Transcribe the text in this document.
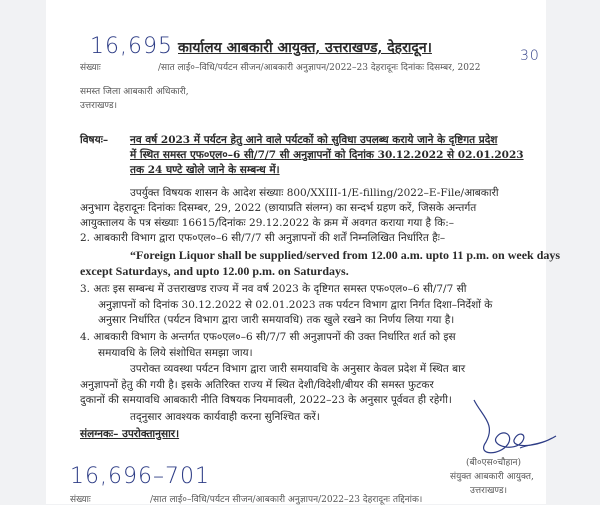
16,695 कार्यालय आबकारी आयुक्त, उत्तराखण्ड, देहरादून।	30
संख्याः	/सात लाई०–विधि/पर्यटन सीजन/आबकारी अनुज्ञापन/2022–23 देहरादूनः दिनांकः दिसम्बर, 2022
समस्त जिला आबकारी अधिकारी,
उत्तराखण्ड।
विषयः– नव वर्ष 2023 में पर्यटन हेतु आने वाले पर्यटकों को सुविधा उपलब्ध कराये जाने के दृष्टिगत प्रदेश
में स्थित समस्त एफ०एल०–6 सी/7/7 सी अनुज्ञापनों को दिनांक 30.12.2022 से 02.01.2023
तक 24 घण्टे खोले जाने के सम्बन्ध में।
उपर्युक्त विषयक शासन के आदेश संख्याः 800/XXIII-1/E-filling/2022–E-File/आबकारी
अनुभाग देहरादूनः दिनांकः दिसम्बर, 29, 2022 (छायाप्रति संलग्न) का सन्दर्भ ग्रहण करें, जिसके अन्तर्गत
आयुक्तालय के पत्र संख्याः 16615/दिनांकः 29.12.2022 के क्रम में अवगत कराया गया है कि:–
2. आबकारी विभाग द्वारा एफ०एल०–6 सी/7/7 सी अनुज्ञापनों की शर्तें निम्नलिखित निर्धारित हैः–
“Foreign Liquor shall be supplied/served from 12.00 a.m. upto 11 p.m. on week days
except Saturdays, and upto 12.00 p.m. on Saturdays.
3. अतः इस सम्बन्ध में उत्तराखण्ड राज्य में नव वर्ष 2023 के दृष्टिगत समस्त एफ०एल०–6 सी/7/7 सी
अनुज्ञापनों को दिनांक 30.12.2022 से 02.01.2023 तक पर्यटन विभाग द्वारा निर्गत दिशा–निर्देशों के
अनुसार निर्धारित (पर्यटन विभाग द्वारा जारी समयावधि) तक खुले रखने का निर्णय लिया गया है।
4. आबकारी विभाग के अन्तर्गत एफ०एल०–6 सी/7/7 सी अनुज्ञापनों की उक्त निर्धारित शर्त को इस
समयावधि के लिये संशोधित समझा जाय।
उपरोक्त व्यवस्था पर्यटन विभाग द्वारा जारी समयावधि के अनुसार केवल प्रदेश में स्थित बार
अनुज्ञापनों हेतु की गयी है। इसके अतिरिक्त राज्य में स्थित देशी/विदेशी/बीयर की समस्त फुटकर
दुकानों की समयावधि आबकारी नीति विषयक नियमावली, 2022–23 के अनुसार पूर्ववत ही रहेगी।
तद्नुसार आवश्यक कार्यवाही करना सुनिश्चित करें।
संलग्नकः– उपरोक्तानुसार।
(बी०एस०चौहान)
संयुक्त आबकारी आयुक्त,
उत्तराखण्ड।
16,696–701
संख्याः	/सात लाई०–विधि/पर्यटन सीजन/आबकारी अनुज्ञापन/2022–23 देहरादूनः तद्दिनांक।
